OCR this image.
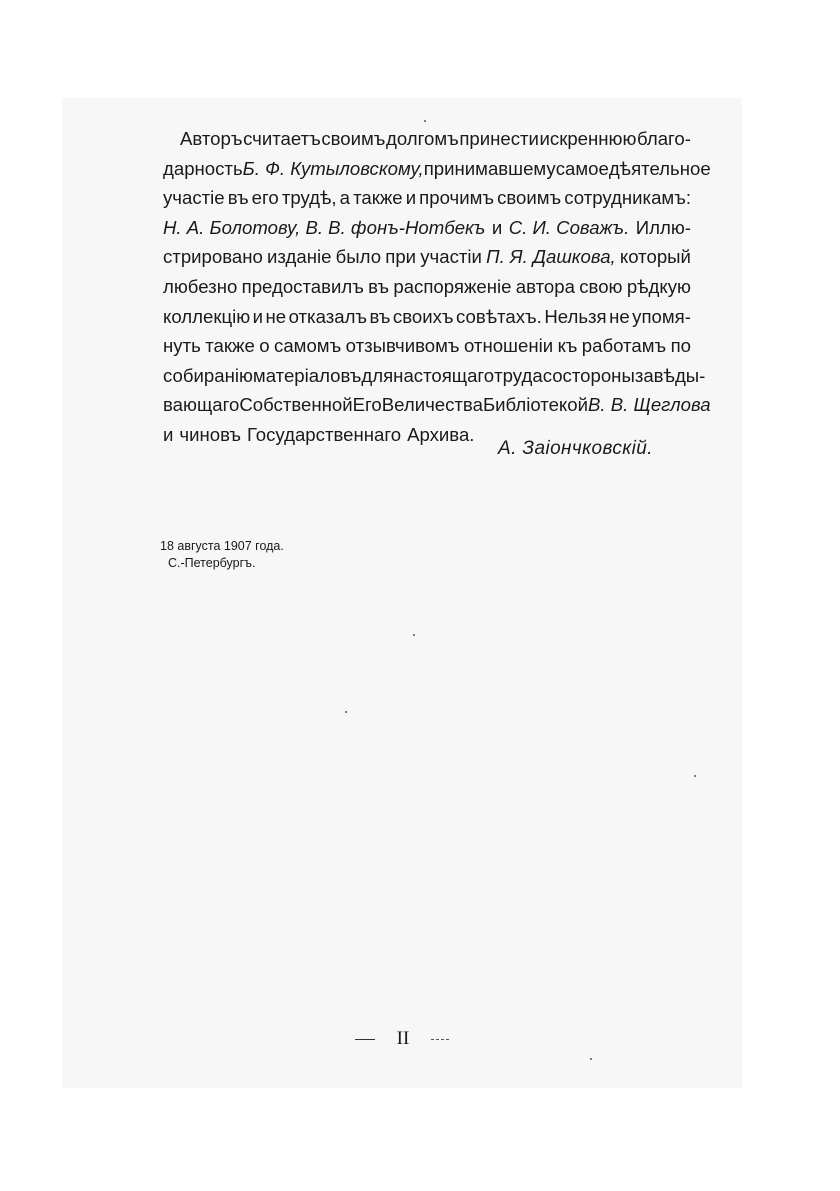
Авторъ считаетъ своимъ долгомъ принести искреннюю благо-
дарность Б. Ф. Кутыловскому, принимавшему самое дѣятельное
участіе въ его трудѣ, а также и прочимъ своимъ сотрудникамъ:
Н. А. Болотову, В. В. фонъ-Нотбекъ и С. И. Соважъ. Иллю-
стрировано изданіе было при участіи П. Я. Дашкова, который
любезно предоставилъ въ распоряженіе автора свою рѣдкую
коллекцію и не отказалъ въ своихъ совѣтахъ. Нельзя не упомя-
нуть также о самомъ отзывчивомъ отношеніи къ работамъ по
собиранію матеріаловъ для настоящаго труда со стороны завѣды-
вающаго Собственной Его Величества Библіотекой В. В. Щеглова
и чиновъ Государственнаго Архива.
А. Заіончковскій.
18 августа 1907 года.
С.-Петербургъ.
II
